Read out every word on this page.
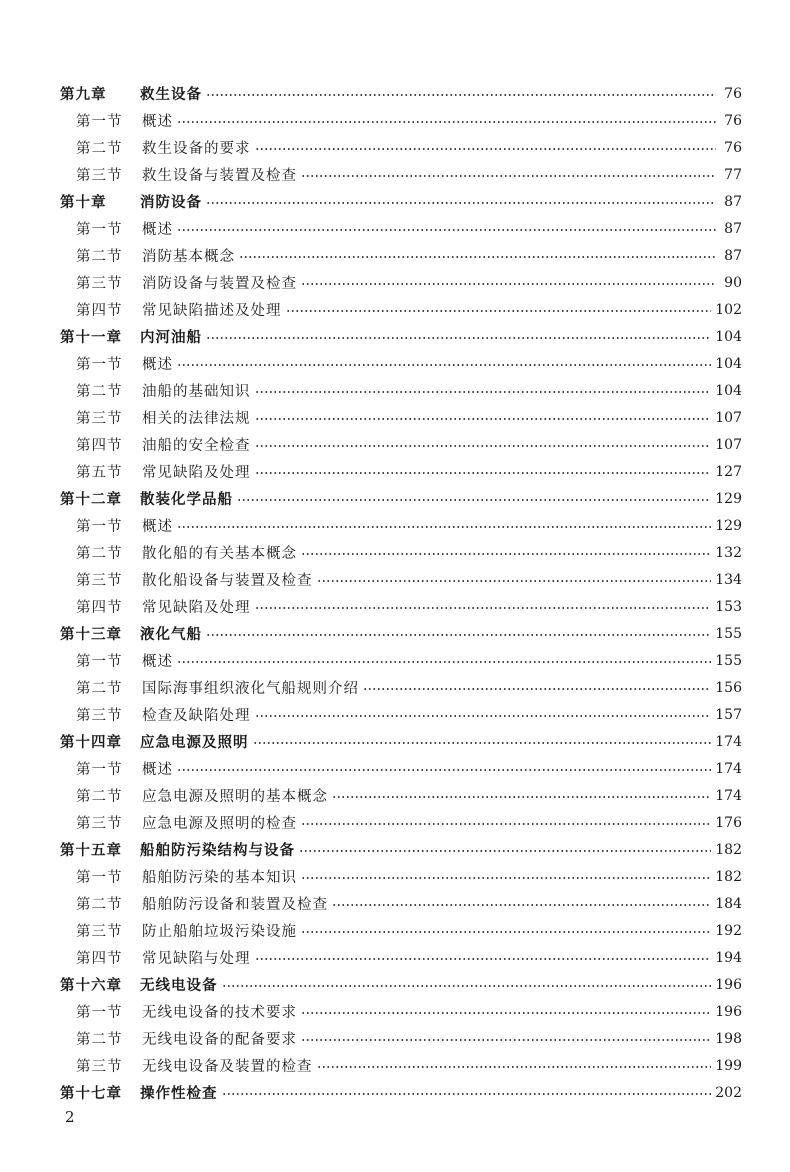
第九章	救生设备	76
第一节	概述	76
第二节	救生设备的要求	76
第三节	救生设备与装置及检查	77
第十章	消防设备	87
第一节	概述	87
第二节	消防基本概念	87
第三节	消防设备与装置及检查	90
第四节	常见缺陷描述及处理	102
第十一章	内河油船	104
第一节	概述	104
第二节	油船的基础知识	104
第三节	相关的法律法规	107
第四节	油船的安全检查	107
第五节	常见缺陷及处理	127
第十二章	散装化学品船	129
第一节	概述	129
第二节	散化船的有关基本概念	132
第三节	散化船设备与装置及检查	134
第四节	常见缺陷及处理	153
第十三章	液化气船	155
第一节	概述	155
第二节	国际海事组织液化气船规则介绍	156
第三节	检查及缺陷处理	157
第十四章	应急电源及照明	174
第一节	概述	174
第二节	应急电源及照明的基本概念	174
第三节	应急电源及照明的检查	176
第十五章	船舶防污染结构与设备	182
第一节	船舶防污染的基本知识	182
第二节	船舶防污设备和装置及检查	184
第三节	防止船舶垃圾污染设施	192
第四节	常见缺陷与处理	194
第十六章	无线电设备	196
第一节	无线电设备的技术要求	196
第二节	无线电设备的配备要求	198
第三节	无线电设备及装置的检查	199
第十七章	操作性检查	202
2
